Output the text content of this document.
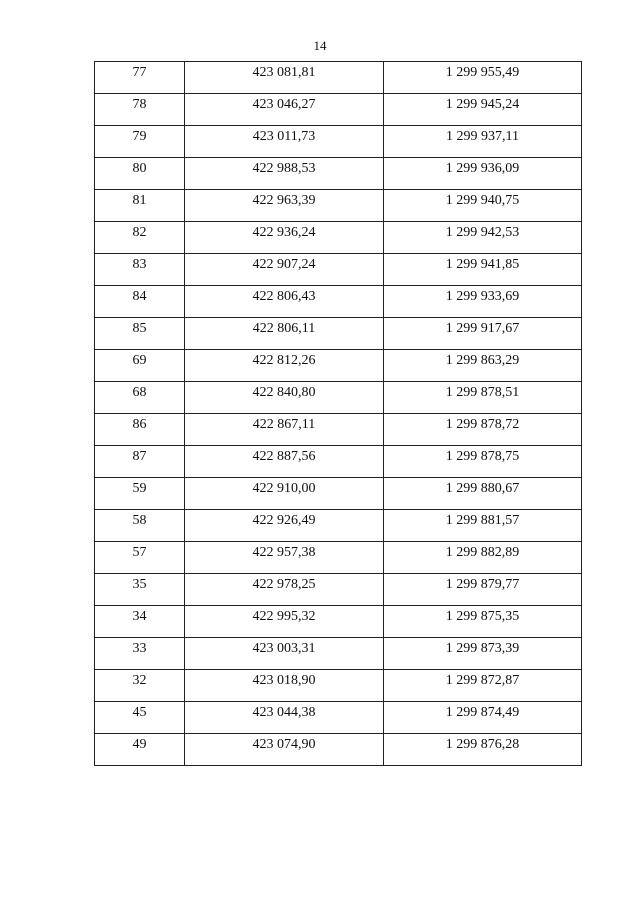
14
77	423 081,81	1 299 955,49
78	423 046,27	1 299 945,24
79	423 011,73	1 299 937,11
80	422 988,53	1 299 936,09
81	422 963,39	1 299 940,75
82	422 936,24	1 299 942,53
83	422 907,24	1 299 941,85
84	422 806,43	1 299 933,69
85	422 806,11	1 299 917,67
69	422 812,26	1 299 863,29
68	422 840,80	1 299 878,51
86	422 867,11	1 299 878,72
87	422 887,56	1 299 878,75
59	422 910,00	1 299 880,67
58	422 926,49	1 299 881,57
57	422 957,38	1 299 882,89
35	422 978,25	1 299 879,77
34	422 995,32	1 299 875,35
33	423 003,31	1 299 873,39
32	423 018,90	1 299 872,87
45	423 044,38	1 299 874,49
49	423 074,90	1 299 876,28
